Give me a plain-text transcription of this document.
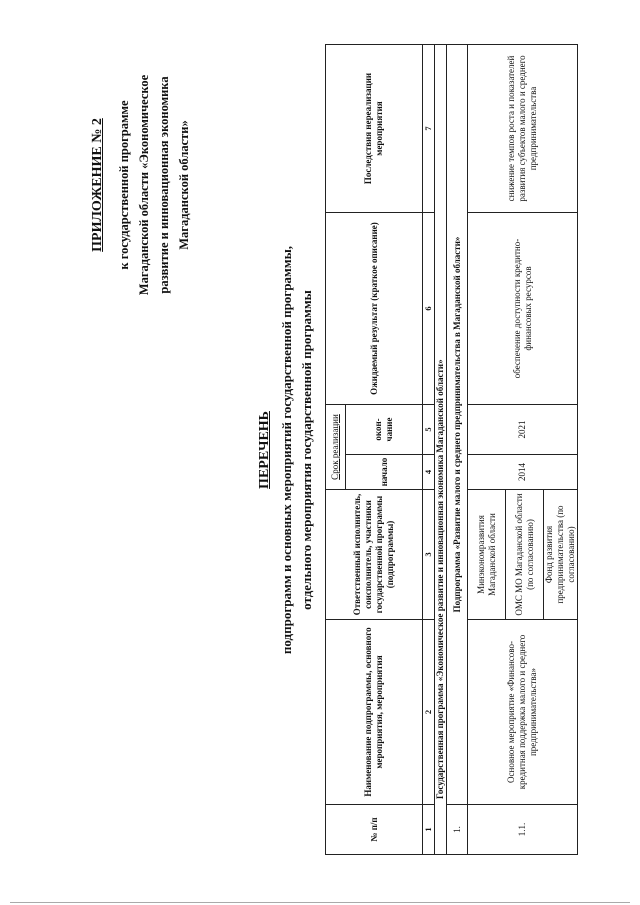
ПРИЛОЖЕНИЕ № 2 к государственной программе Магаданской области «Экономическое развитие и инновационная экономика Магаданской области»
ПЕРЕЧЕНЬ подпрограмм и основных мероприятий государственной программы, отдельного мероприятия государственной программы
№ п/п	Наименование подпрограммы, основного мероприятия, мероприятия	Ответственный исполнитель, соисполнитель, участники государственной программы (подпрограммы)	Срок реализации		Ожидаемый результат (краткое описание)	Последствия нереализации мероприятия
			начало	окон-чание		
1	2	3	4	5	6	7
Государственная программа «Экономическое развитие и инновационная экономика Магаданской области»						
1.	Подпрограмма «Развитие малого и среднего предпринимательства в Магаданской области»					
1.1.	Основное мероприятие «Финансово-кредитная поддержка малого и среднего предпринимательства»	Минэкономразвития Магаданской области	2014	2021	обеспечение доступности кредитно-финансовых ресурсов	снижение темпов роста и показателей развития субъектов малого и среднего предпринимательства
		ОМС МО Магаданской области (по согласованию)				
		Фонд развития предпринимательства (по согласованию)				
